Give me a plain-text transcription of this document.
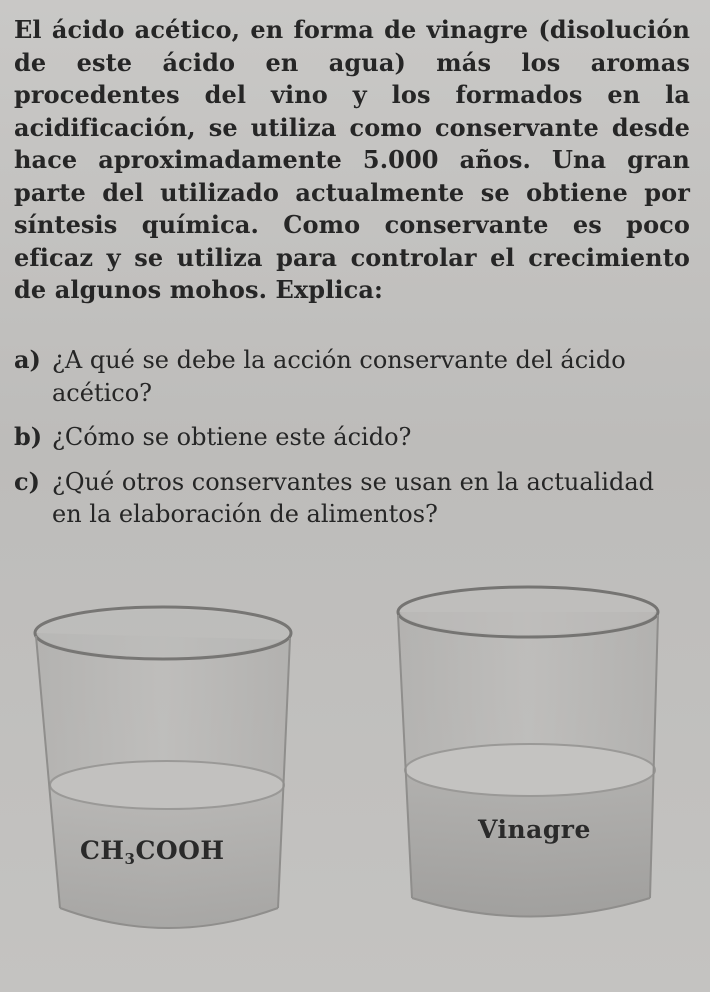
El ácido acético, en forma de vinagre (disolución de este ácido en agua) más los aromas procedentes del vino y los formados en la acidificación, se utiliza como conservante desde hace aproximadamente 5.000 años. Una gran parte del utilizado actualmente se obtiene por síntesis química. Como conservante es poco eficaz y se utiliza para controlar el crecimiento de algunos mohos. Explica:

a) ¿A qué se debe la acción conservante del ácido acético?
b) ¿Cómo se obtiene este ácido?
c) ¿Qué otros conservantes se usan en la actualidad en la elaboración de alimentos?
$CH_3COOH$
Vinagre
